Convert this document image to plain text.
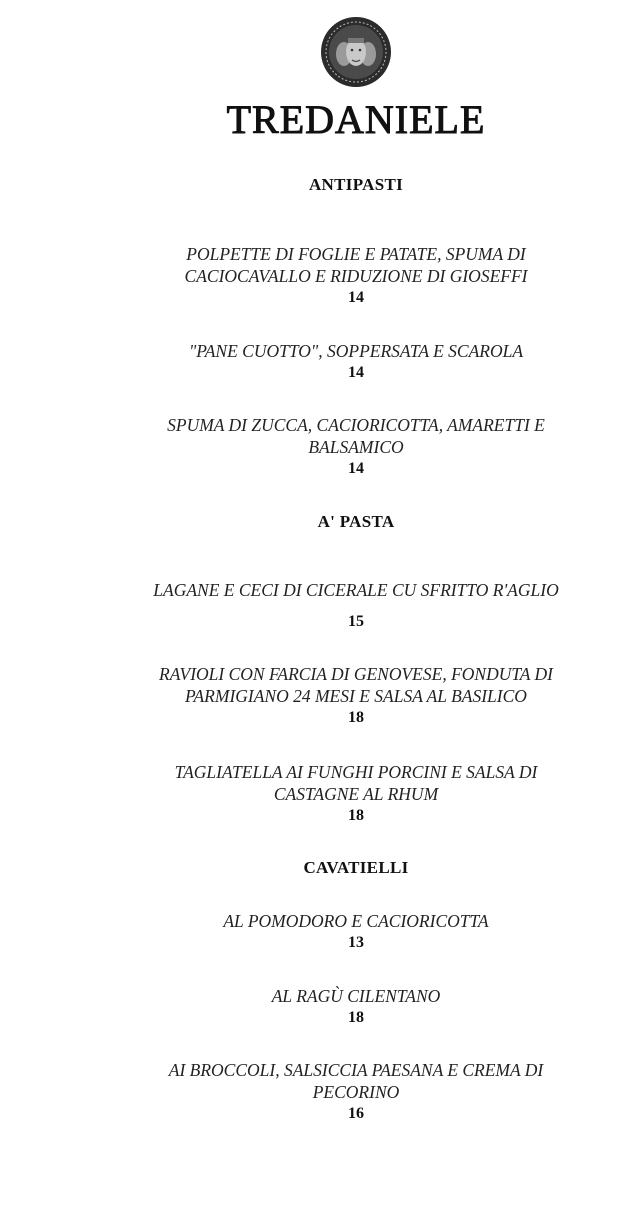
TREDANIELE
ANTIPASTI
POLPETTE DI FOGLIE E PATATE, SPUMA DI CACIOCAVALLO E RIDUZIONE DI GIOSEFFI
14
"PANE CUOTTO", SOPPERSATA E SCAROLA
14
SPUMA DI ZUCCA, CACIORICOTTA, AMARETTI E BALSAMICO
14
A' PASTA
LAGANE E CECI DI CICERALE CU SFRITTO R'AGLIO
15
RAVIOLI CON FARCIA DI GENOVESE, FONDUTA DI PARMIGIANO 24 MESI E SALSA AL BASILICO
18
TAGLIATELLA AI FUNGHI PORCINI E SALSA DI CASTAGNE AL RHUM
18
CAVATIELLI
AL POMODORO E CACIORICOTTA
13
AL RAGÙ CILENTANO
18
AI BROCCOLI, SALSICCIA PAESANA E CREMA DI PECORINO
16
